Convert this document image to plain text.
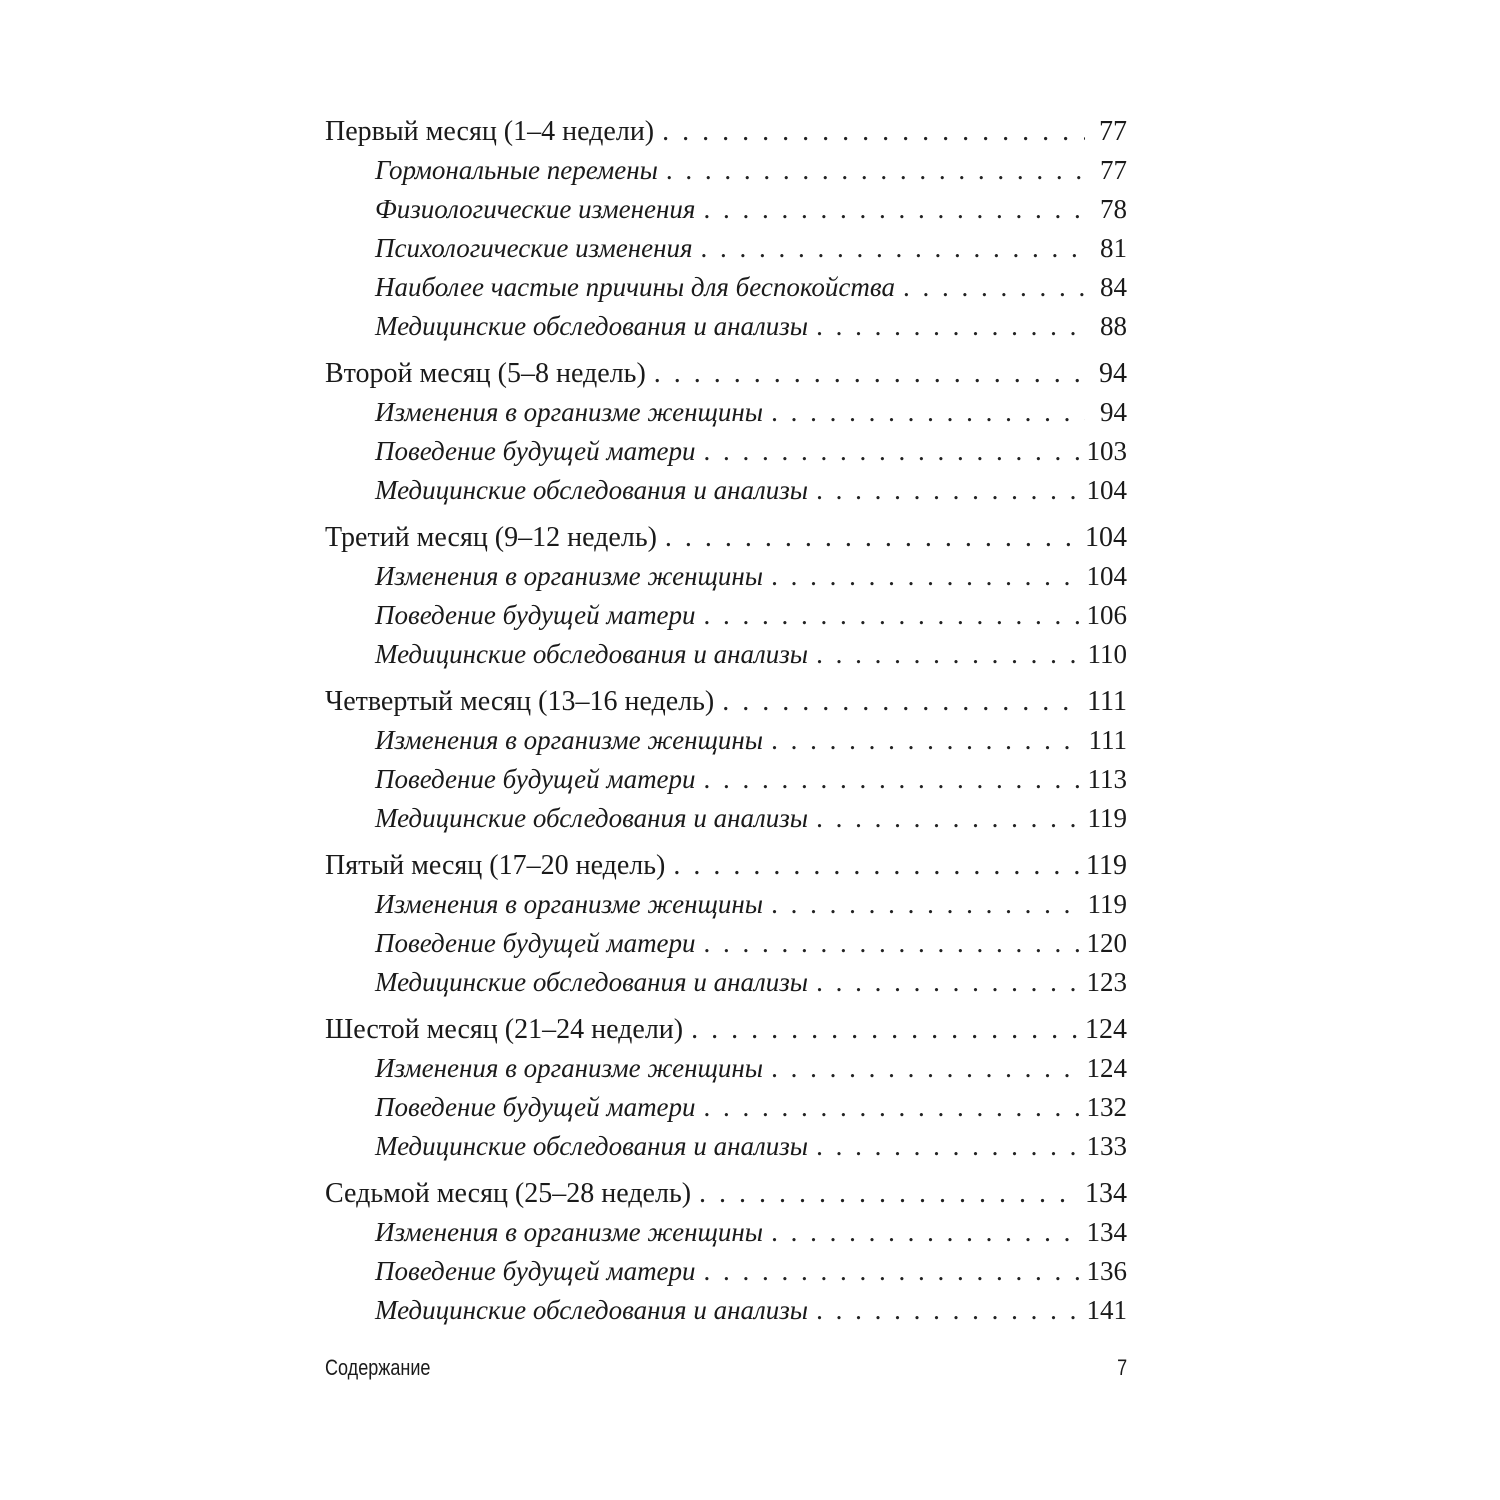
Первый месяц (1–4 недели) . . .	77
Гормональные перемены . . .	77
Физиологические изменения . . .	78
Психологические изменения . . .	81
Наиболее частые причины для беспокойства . . .	84
Медицинские обследования и анализы . . .	88
Второй месяц (5–8 недель) . . .	94
Изменения в организме женщины . . .	94
Поведение будущей матери . . .	103
Медицинские обследования и анализы . . .	104
Третий месяц (9–12 недель) . . .	104
Изменения в организме женщины . . .	104
Поведение будущей матери . . .	106
Медицинские обследования и анализы . . .	110
Четвертый месяц (13–16 недель) . . .	111
Изменения в организме женщины . . .	111
Поведение будущей матери . . .	113
Медицинские обследования и анализы . . .	119
Пятый месяц (17–20 недель) . . .	119
Изменения в организме женщины . . .	119
Поведение будущей матери . . .	120
Медицинские обследования и анализы . . .	123
Шестой месяц (21–24 недели) . . .	124
Изменения в организме женщины . . .	124
Поведение будущей матери . . .	132
Медицинские обследования и анализы . . .	133
Седьмой месяц (25–28 недель) . . .	134
Изменения в организме женщины . . .	134
Поведение будущей матери . . .	136
Медицинские обследования и анализы . . .	141
Содержание	7
